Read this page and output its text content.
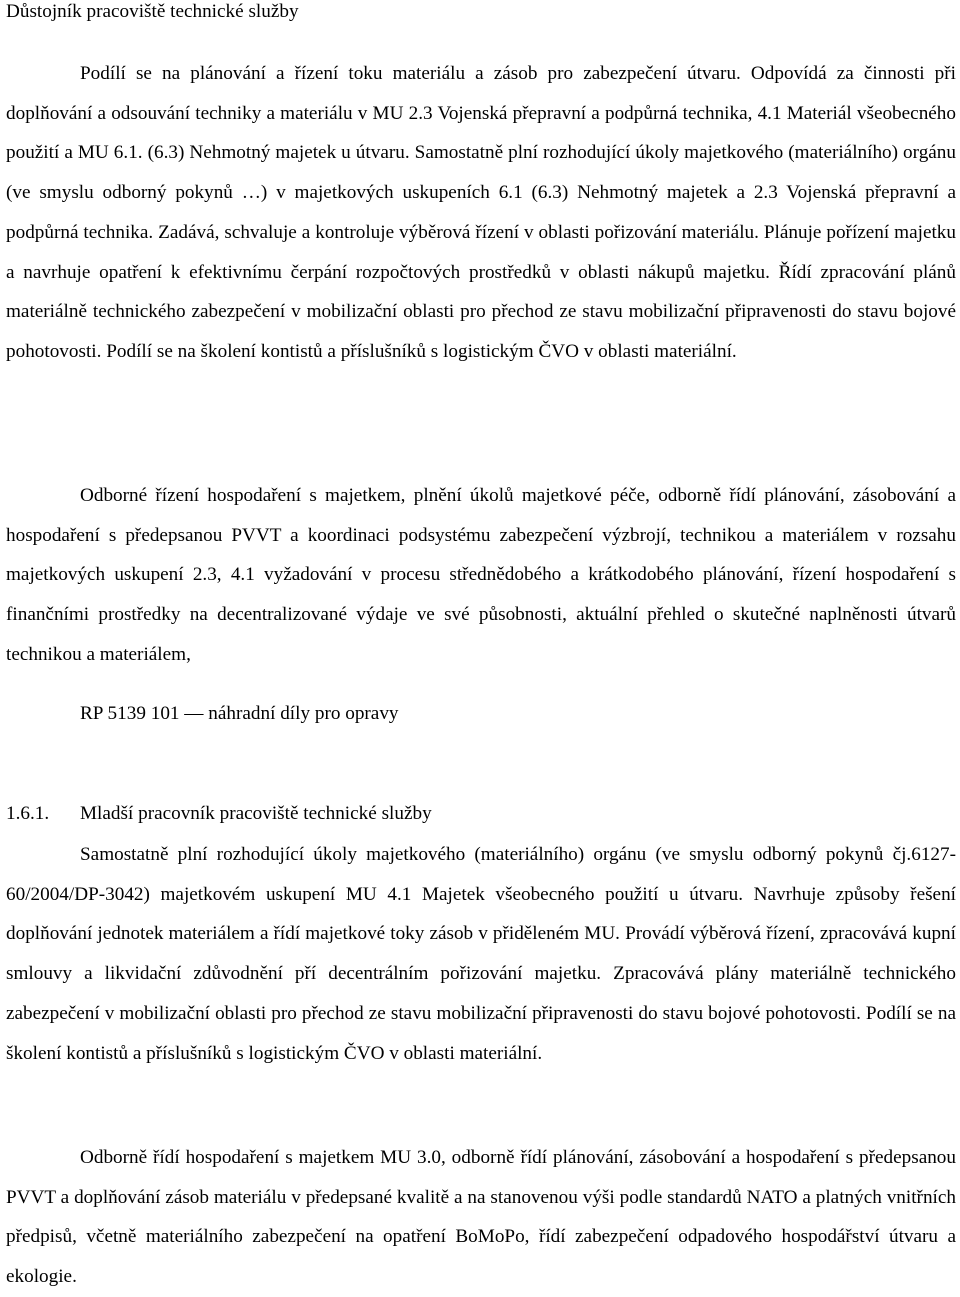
Důstojník pracoviště technické služby
Podílí se na plánování a řízení toku materiálu a zásob pro zabezpečení útvaru. Odpovídá za činnosti při doplňování a odsouvání techniky a materiálu v MU 2.3 Vojenská přepravní a podpůrná technika, 4.1 Materiál všeobecného použití a MU 6.1. (6.3) Nehmotný majetek u útvaru. Samostatně plní rozhodující úkoly majetkového (materiálního) orgánu (ve smyslu odborný pokynů …) v majetkových uskupeních 6.1 (6.3) Nehmotný majetek a 2.3 Vojenská přepravní a podpůrná technika. Zadává, schvaluje a kontroluje výběrová řízení v oblasti pořizování materiálu. Plánuje pořízení majetku a navrhuje opatření k efektivnímu čerpání rozpočtových prostředků v oblasti nákupů majetku. Řídí zpracování plánů materiálně technického zabezpečení v mobilizační oblasti pro přechod ze stavu mobilizační připravenosti do stavu bojové pohotovosti. Podílí se na školení kontistů a příslušníků s logistickým ČVO v oblasti materiální.
Odborné řízení hospodaření s majetkem, plnění úkolů majetkové péče, odborně řídí plánování, zásobování a hospodaření s předepsanou PVVT a koordinaci podsystému zabezpečení výzbrojí, technikou a materiálem v rozsahu majetkových uskupení 2.3, 4.1 vyžadování v procesu střednědobého a krátkodobého plánování, řízení hospodaření s finančními prostředky na decentralizované výdaje ve své působnosti, aktuální přehled o skutečné naplněnosti útvarů technikou a materiálem,
RP 5139 101 — náhradní díly pro opravy
1.6.1. Mladší pracovník pracoviště technické služby
Samostatně plní rozhodující úkoly majetkového (materiálního) orgánu (ve smyslu odborný pokynů čj.6127-60/2004/DP-3042) majetkovém uskupení MU 4.1 Majetek všeobecného použití u útvaru. Navrhuje způsoby řešení doplňování jednotek materiálem a řídí majetkové toky zásob v přiděleném MU. Provádí výběrová řízení, zpracovává kupní smlouvy a likvidační zdůvodnění pří decentrálním pořizování majetku. Zpracovává plány materiálně technického zabezpečení v mobilizační oblasti pro přechod ze stavu mobilizační připravenosti do stavu bojové pohotovosti. Podílí se na školení kontistů a příslušníků s logistickým ČVO v oblasti materiální.
Odborně řídí hospodaření s majetkem MU 3.0, odborně řídí plánování, zásobování a hospodaření s předepsanou PVVT a doplňování zásob materiálu v předepsané kvalitě a na stanovenou výši podle standardů NATO a platných vnitřních předpisů, včetně materiálního zabezpečení na opatření BoMoPo, řídí zabezpečení odpadového hospodářství útvaru a ekologie.
